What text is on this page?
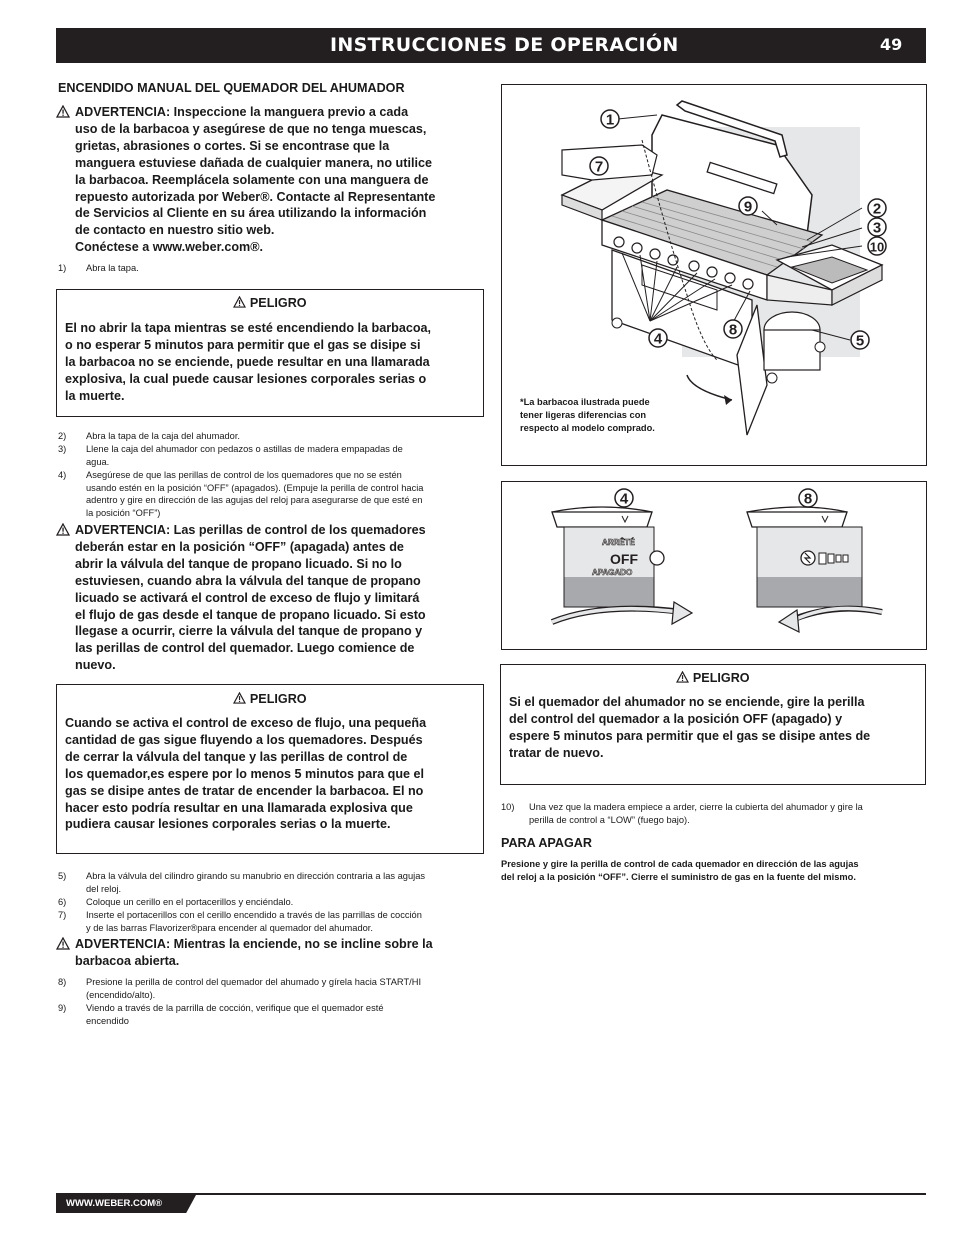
INSTRUCCIONES DE OPERACIÓN	49
ENCENDIDO MANUAL DEL QUEMADOR DEL AHUMADOR
ADVERTENCIA: Inspeccione la manguera previo a cada
uso de la barbacoa y asegúrese de que no tenga muescas,
grietas, abrasiones o cortes. Si se encontrase que la
manguera estuviese dañada de cualquier manera, no utilice
la barbacoa. Reemplácela solamente con una manguera de
repuesto autorizada por Weber®. Contacte al Representante
de Servicios al Cliente en su área utilizando la información
de contacto en nuestro sitio web.
Conéctese a www.weber.com®.
1) Abra la tapa.
PELIGRO
El no abrir la tapa mientras se esté encendiendo la barbacoa,
o no esperar 5 minutos para permitir que el gas se disipe si
la barbacoa no se enciende, puede resultar en una llamarada
explosiva, la cual puede causar lesiones corporales serias o
la muerte.
2) Abra la tapa de la caja del ahumador.
3) Llene la caja del ahumador con pedazos o astillas de madera empapadas de
agua.
4) Asegúrese de que las perillas de control de los quemadores que no se estén
usando estén en la posición “OFF” (apagados). (Empuje la perilla de control hacia
adentro y gire en dirección de las agujas del reloj para asegurarse de que esté en
la posición “OFF”)
ADVERTENCIA: Las perillas de control de los quemadores
deberán estar en la posición “OFF” (apagada) antes de
abrir la válvula del tanque de propano licuado. Si no lo
estuviesen, cuando abra la válvula del tanque de propano
licuado se activará el control de exceso de flujo y limitará
el flujo de gas desde el tanque de propano licuado. Si esto
llegase a ocurrir, cierre la válvula del tanque de propano y
las perillas de control del quemador. Luego comience de
nuevo.
PELIGRO
Cuando se activa el control de exceso de flujo, una pequeña
cantidad de gas sigue fluyendo a los quemadores. Después
de cerrar la válvula del tanque y las perillas de control de
los quemador,es espere por lo menos 5 minutos para que el
gas se disipe antes de tratar de encender la barbacoa. El no
hacer esto podría resultar en una llamarada explosiva que
pudiera causar lesiones corporales serias o la muerte.
5) Abra la válvula del cilindro girando su manubrio en dirección contraria a las agujas
del reloj.
6) Coloque un cerillo en el portacerillos y enciéndalo.
7) Inserte el portacerillos con el cerillo encendido a través de las parrillas de cocción
y de las barras Flavorizer®para encender al quemador del ahumador.
ADVERTENCIA: Mientras la enciende, no se incline sobre la
barbacoa abierta.
8) Presione la perilla de control del quemador del ahumado y gírela hacia START/HI
(encendido/alto).
9) Viendo a través de la parrilla de cocción, verifique que el quemador esté
encendido
1
7
9	2
3
10
4
8
5
*La barbacoa ilustrada puede
tener ligeras diferencias con
respecto al modelo comprado.
4	8
ARRÊTÉ
OFF
APAGADO
PELIGRO
Si el quemador del ahumador no se enciende, gire la perilla
del control del quemador a la posición OFF (apagado) y
espere 5 minutos para permitir que el gas se disipe antes de
tratar de nuevo.
10) Una vez que la madera empiece a arder, cierre la cubierta del ahumador y gire la
perilla de control a “LOW” (fuego bajo).
PARA APAGAR
Presione y gire la perilla de control de cada quemador en dirección de las agujas
del reloj a la posición “OFF”. Cierre el suministro de gas en la fuente del mismo.
WWW.WEBER.COM®
